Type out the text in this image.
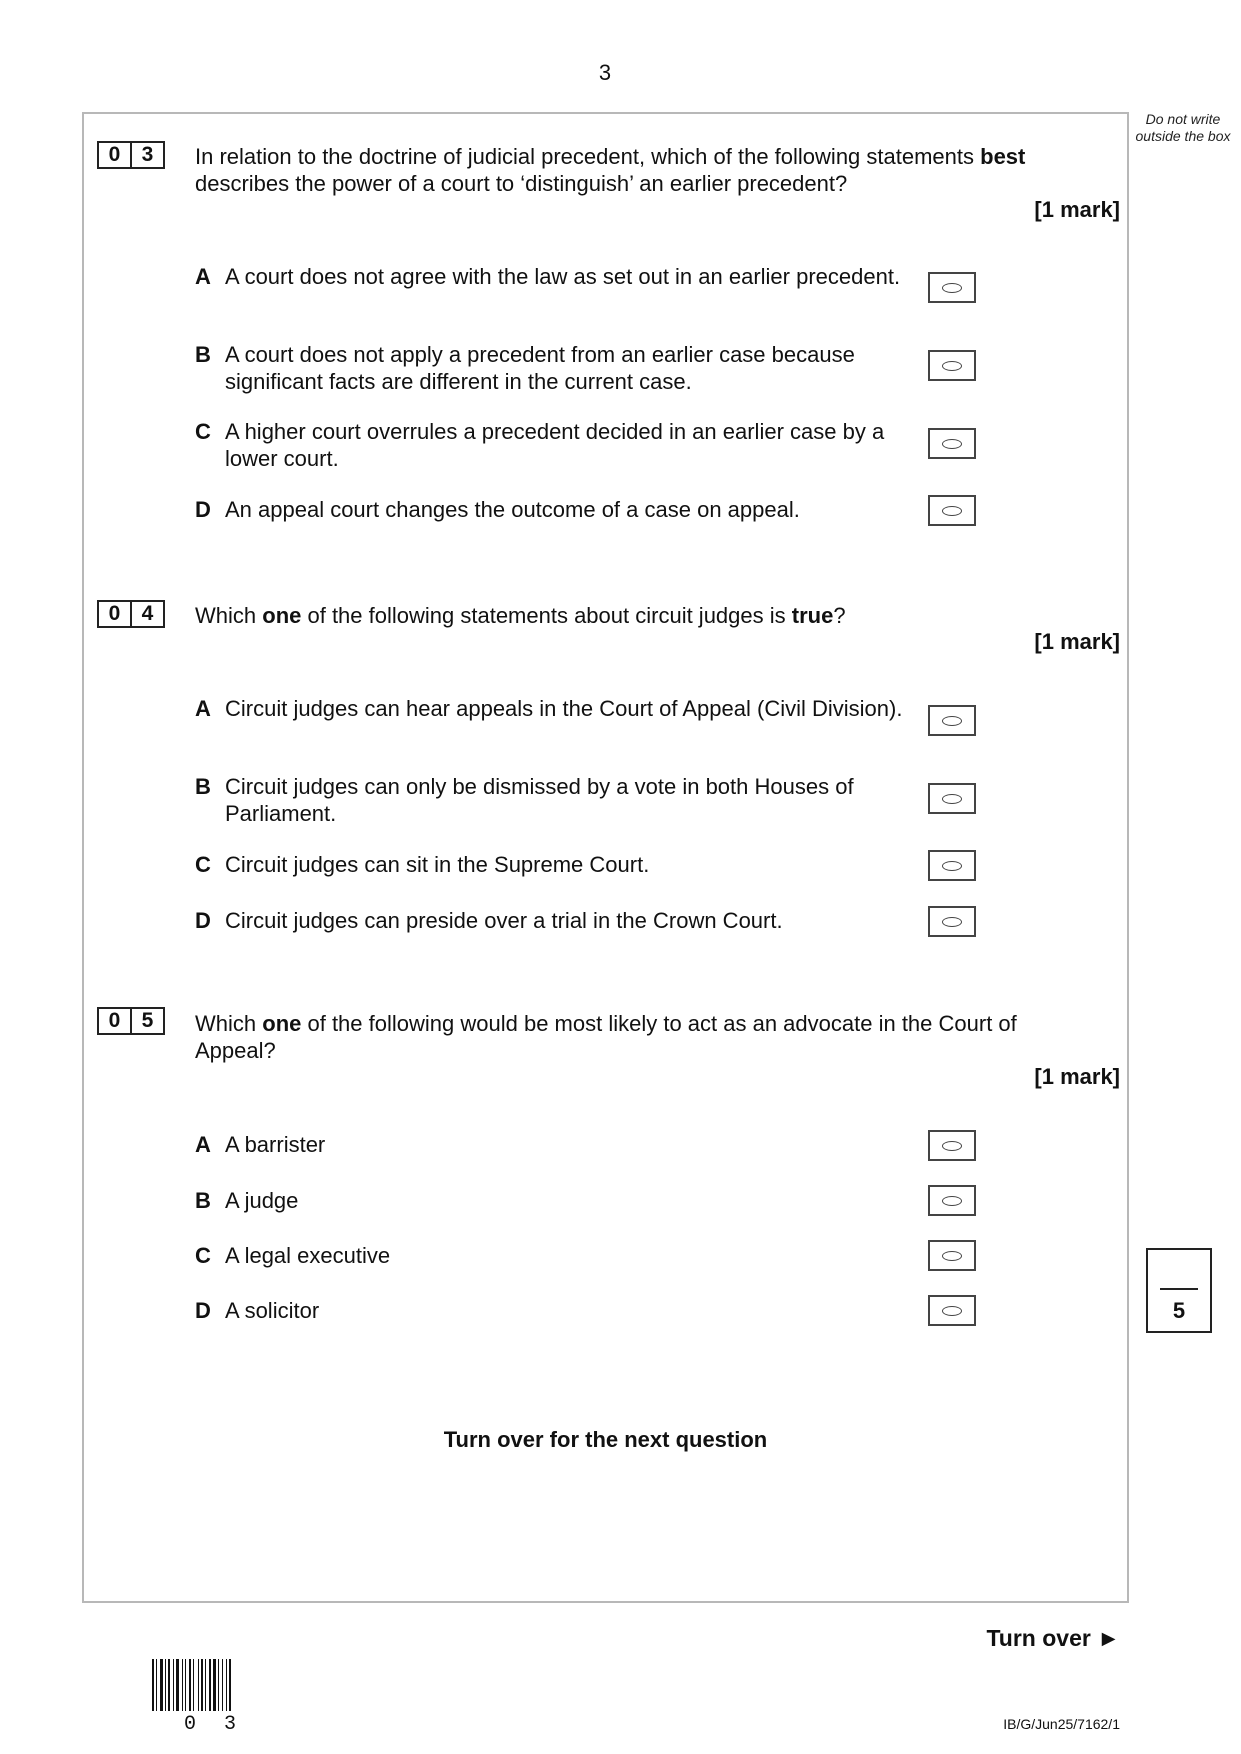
3
Do not write outside the box
0	3	In relation to the doctrine of judicial precedent, which of the following statements best describes the power of a court to ‘distinguish’ an earlier precedent?
[1 mark]
A A court does not agree with the law as set out in an earlier precedent.
B A court does not apply a precedent from an earlier case because significant facts are different in the current case.
C A higher court overrules a precedent decided in an earlier case by a lower court.
D An appeal court changes the outcome of a case on appeal.
0	4	Which one of the following statements about circuit judges is true?
[1 mark]
A Circuit judges can hear appeals in the Court of Appeal (Civil Division).
B Circuit judges can only be dismissed by a vote in both Houses of Parliament.
C Circuit judges can sit in the Supreme Court.
D Circuit judges can preside over a trial in the Crown Court.
0	5	Which one of the following would be most likely to act as an advocate in the Court of Appeal?
[1 mark]
A A barrister
B A judge
C A legal executive
D A solicitor
Turn over for the next question
5
Turn over ►
0 3	IB/G/Jun25/7162/1
